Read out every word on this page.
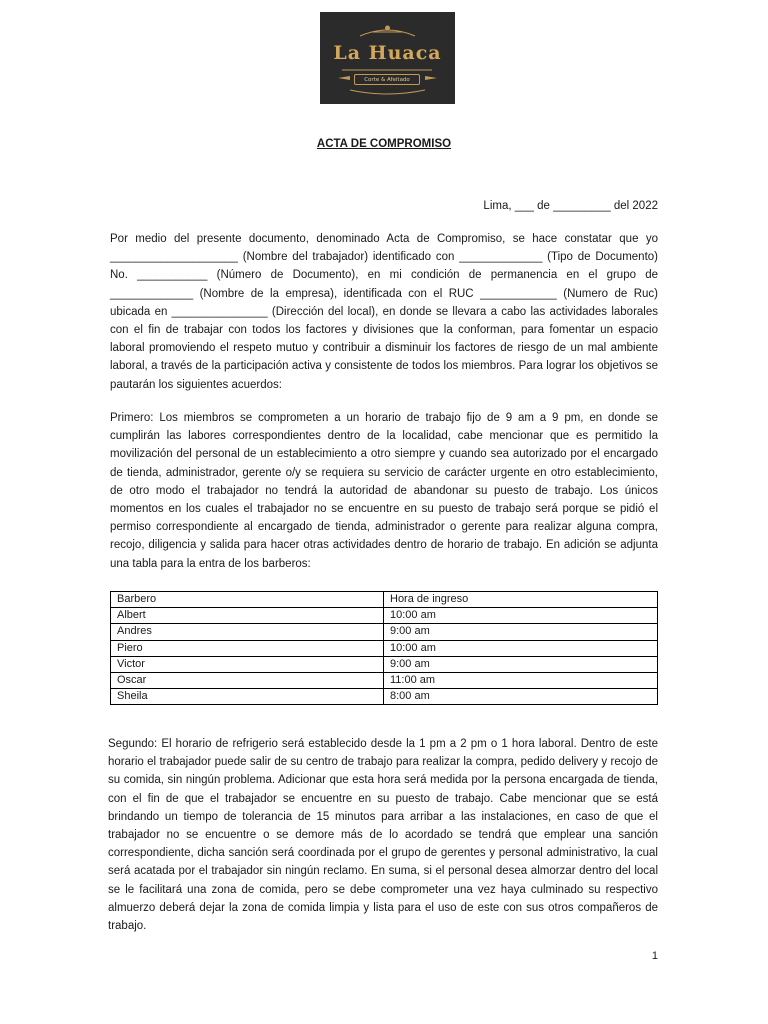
La Huaca
Corte & Afeitado
ACTA DE COMPROMISO
Lima, ___ de _________ del 2022

Por medio del presente documento, denominado Acta de Compromiso, se hace constatar que yo ____________________ (Nombre del trabajador) identificado con _____________ (Tipo de Documento) No. ___________ (Número de Documento), en mi condición de permanencia en el grupo de _____________ (Nombre de la empresa), identificada con el RUC ____________ (Numero de Ruc) ubicada en _______________ (Dirección del local), en donde se llevara a cabo las actividades laborales con el fin de trabajar con todos los factores y divisiones que la conforman, para fomentar un espacio laboral promoviendo el respeto mutuo y contribuir a disminuir los factores de riesgo de un mal ambiente laboral, a través de la participación activa y consistente de todos los miembros. Para lograr los objetivos se pautarán los siguientes acuerdos:

Primero: Los miembros se comprometen a un horario de trabajo fijo de 9 am a 9 pm, en donde se cumplirán las labores correspondientes dentro de la localidad, cabe mencionar que es permitido la movilización del personal de un establecimiento a otro siempre y cuando sea autorizado por el encargado de tienda, administrador, gerente o/y se requiera su servicio de carácter urgente en otro establecimiento, de otro modo el trabajador no tendrá la autoridad de abandonar su puesto de trabajo. Los únicos momentos en los cuales el trabajador no se encuentre en su puesto de trabajo será porque se pidió el permiso correspondiente al encargado de tienda, administrador o gerente para realizar alguna compra, recojo, diligencia y salida para hacer otras actividades dentro de horario de trabajo. En adición se adjunta una tabla para la entra de los barberos:

Barbero	Hora de ingreso
Albert	10:00 am
Andres	9:00 am
Piero	10:00 am
Victor	9:00 am
Oscar	11:00 am
Sheila	8:00 am

Segundo: El horario de refrigerio será establecido desde la 1 pm a 2 pm o 1 hora laboral. Dentro de este horario el trabajador puede salir de su centro de trabajo para realizar la compra, pedido delivery y recojo de su comida, sin ningún problema. Adicionar que esta hora será medida por la persona encargada de tienda, con el fin de que el trabajador se encuentre en su puesto de trabajo. Cabe mencionar que se está brindando un tiempo de tolerancia de 15 minutos para arribar a las instalaciones, en caso de que el trabajador no se encuentre o se demore más de lo acordado se tendrá que emplear una sanción correspondiente, dicha sanción será coordinada por el grupo de gerentes y personal administrativo, la cual será acatada por el trabajador sin ningún reclamo. En suma, si el personal desea almorzar dentro del local se le facilitará una zona de comida, pero se debe comprometer una vez haya culminado su respectivo almuerzo deberá dejar la zona de comida limpia y lista para el uso de este con sus otros compañeros de trabajo.

1
